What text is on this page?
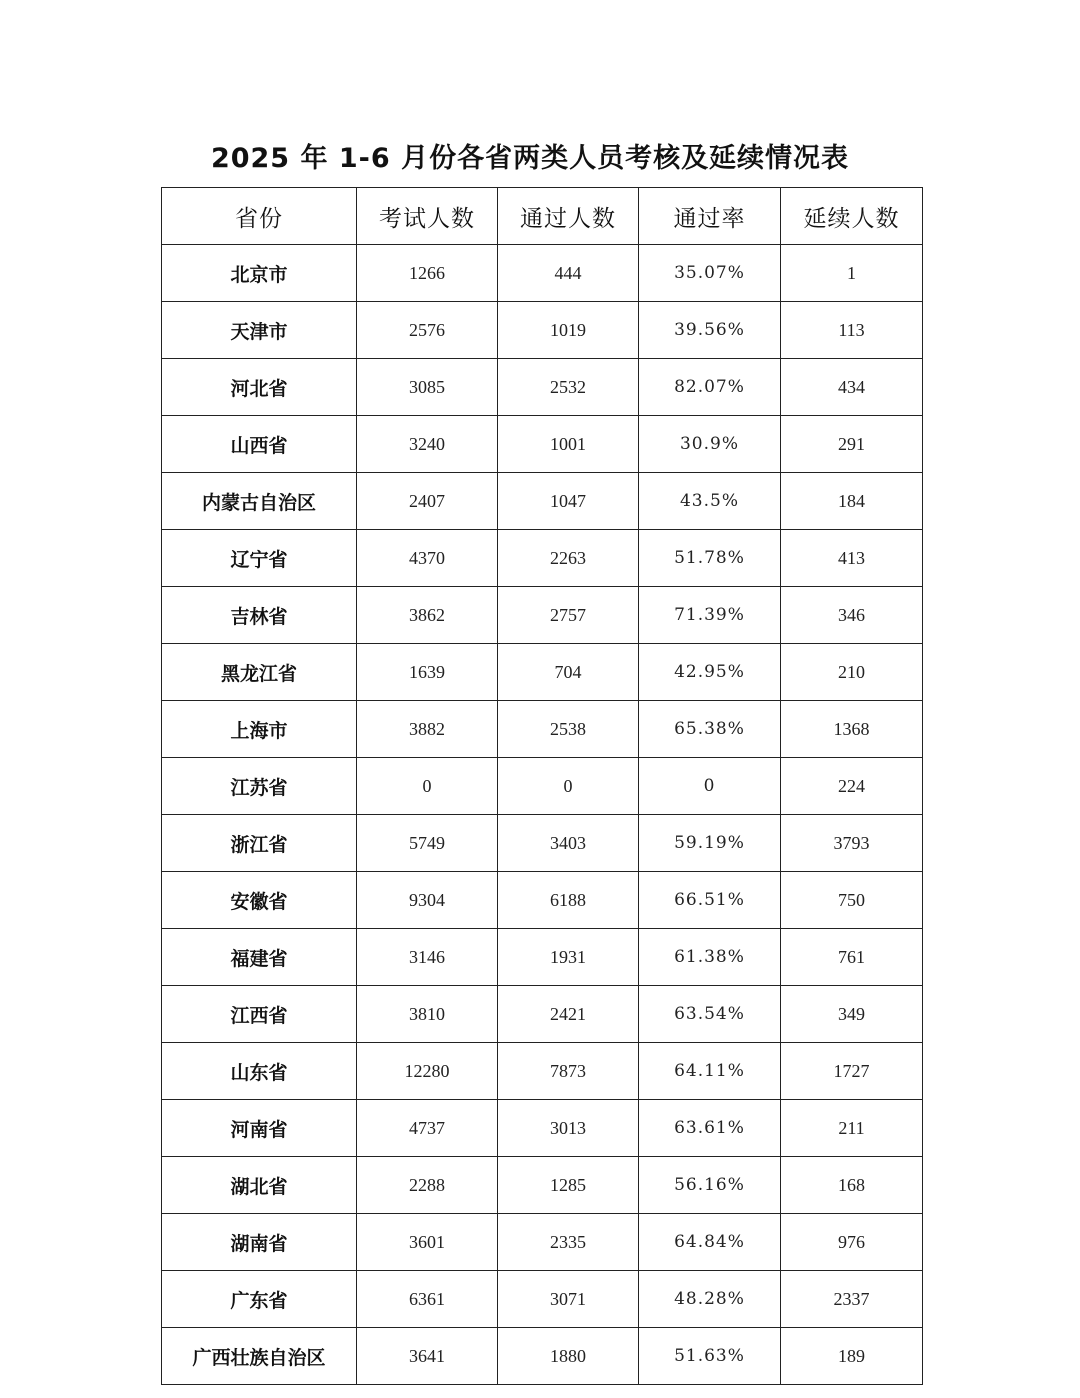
2025 年 1-6 月份各省两类人员考核及延续情况表
省份	考试人数	通过人数	通过率	延续人数
北京市	1266	444	35.07%	1
天津市	2576	1019	39.56%	113
河北省	3085	2532	82.07%	434
山西省	3240	1001	30.9%	291
内蒙古自治区	2407	1047	43.5%	184
辽宁省	4370	2263	51.78%	413
吉林省	3862	2757	71.39%	346
黑龙江省	1639	704	42.95%	210
上海市	3882	2538	65.38%	1368
江苏省	0	0	0	224
浙江省	5749	3403	59.19%	3793
安徽省	9304	6188	66.51%	750
福建省	3146	1931	61.38%	761
江西省	3810	2421	63.54%	349
山东省	12280	7873	64.11%	1727
河南省	4737	3013	63.61%	211
湖北省	2288	1285	56.16%	168
湖南省	3601	2335	64.84%	976
广东省	6361	3071	48.28%	2337
广西壮族自治区	3641	1880	51.63%	189
